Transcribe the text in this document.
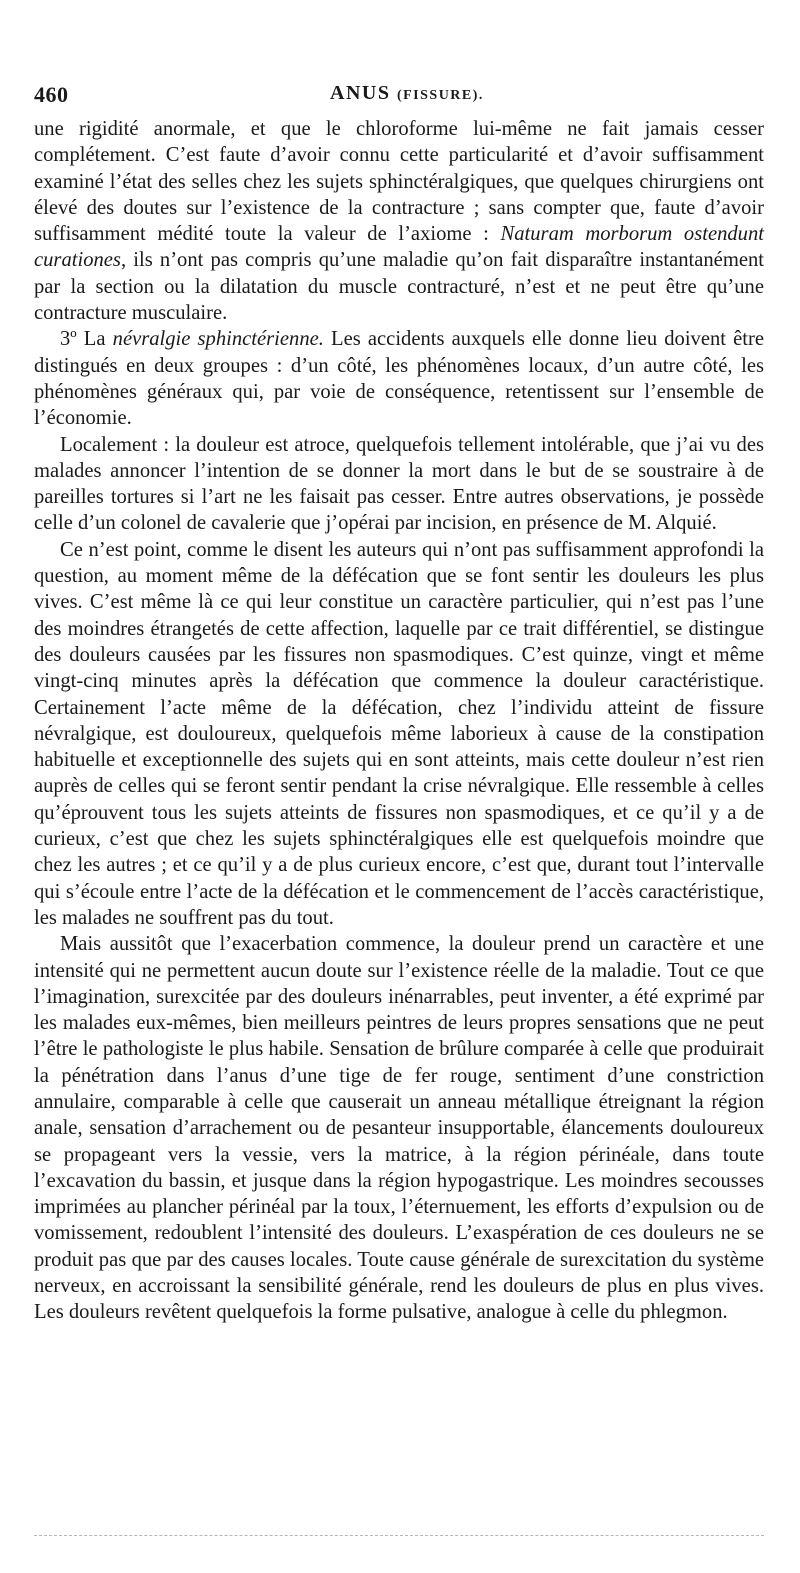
460	ANUS (FISSURE).

une rigidité anormale, et que le chloroforme lui-même ne fait jamais cesser complétement. C’est faute d’avoir connu cette particularité et d’avoir suffisamment examiné l’état des selles chez les sujets sphinctéralgiques, que quelques chirurgiens ont élevé des doutes sur l’existence de la contracture ; sans compter que, faute d’avoir suffisamment médité toute la valeur de l’axiome : Naturam morborum ostendunt curationes, ils n’ont pas compris qu’une maladie qu’on fait disparaître instantanément par la section ou la dilatation du muscle contracturé, n’est et ne peut être qu’une contracture musculaire.

3º La névralgie sphinctérienne. Les accidents auxquels elle donne lieu doivent être distingués en deux groupes : d’un côté, les phénomènes locaux, d’un autre côté, les phénomènes généraux qui, par voie de conséquence, retentissent sur l’ensemble de l’économie.

Localement : la douleur est atroce, quelquefois tellement intolérable, que j’ai vu des malades annoncer l’intention de se donner la mort dans le but de se soustraire à de pareilles tortures si l’art ne les faisait pas cesser. Entre autres observations, je possède celle d’un colonel de cavalerie que j’opérai par incision, en présence de M. Alquié.

Ce n’est point, comme le disent les auteurs qui n’ont pas suffisamment approfondi la question, au moment même de la défécation que se font sentir les douleurs les plus vives. C’est même là ce qui leur constitue un caractère particulier, qui n’est pas l’une des moindres étrangetés de cette affection, laquelle par ce trait différentiel, se distingue des douleurs causées par les fissures non spasmodiques. C’est quinze, vingt et même vingt-cinq minutes après la défécation que commence la douleur caractéristique. Certainement l’acte même de la défécation, chez l’individu atteint de fissure névralgique, est douloureux, quelquefois même laborieux à cause de la constipation habituelle et exceptionnelle des sujets qui en sont atteints, mais cette douleur n’est rien auprès de celles qui se feront sentir pendant la crise névralgique. Elle ressemble à celles qu’éprouvent tous les sujets atteints de fissures non spasmodiques, et ce qu’il y a de curieux, c’est que chez les sujets sphinctéralgiques elle est quelquefois moindre que chez les autres ; et ce qu’il y a de plus curieux encore, c’est que, durant tout l’intervalle qui s’écoule entre l’acte de la défécation et le commencement de l’accès caractéristique, les malades ne souffrent pas du tout.

Mais aussitôt que l’exacerbation commence, la douleur prend un caractère et une intensité qui ne permettent aucun doute sur l’existence réelle de la maladie. Tout ce que l’imagination, surexcitée par des douleurs inénarrables, peut inventer, a été exprimé par les malades eux-mêmes, bien meilleurs peintres de leurs propres sensations que ne peut l’être le pathologiste le plus habile. Sensation de brûlure comparée à celle que produirait la pénétration dans l’anus d’une tige de fer rouge, sentiment d’une constriction annulaire, comparable à celle que causerait un anneau métallique étreignant la région anale, sensation d’arrachement ou de pesanteur insupportable, élancements douloureux se propageant vers la vessie, vers la matrice, à la région périnéale, dans toute l’excavation du bassin, et jusque dans la région hypogastrique. Les moindres secousses imprimées au plancher périnéal par la toux, l’éternuement, les efforts d’expulsion ou de vomissement, redoublent l’intensité des douleurs. L’exaspération de ces douleurs ne se produit pas que par des causes locales. Toute cause générale de surexcitation du système nerveux, en accroissant la sensibilité générale, rend les douleurs de plus en plus vives. Les douleurs revêtent quelquefois la forme pulsative, analogue à celle du phlegmon.
